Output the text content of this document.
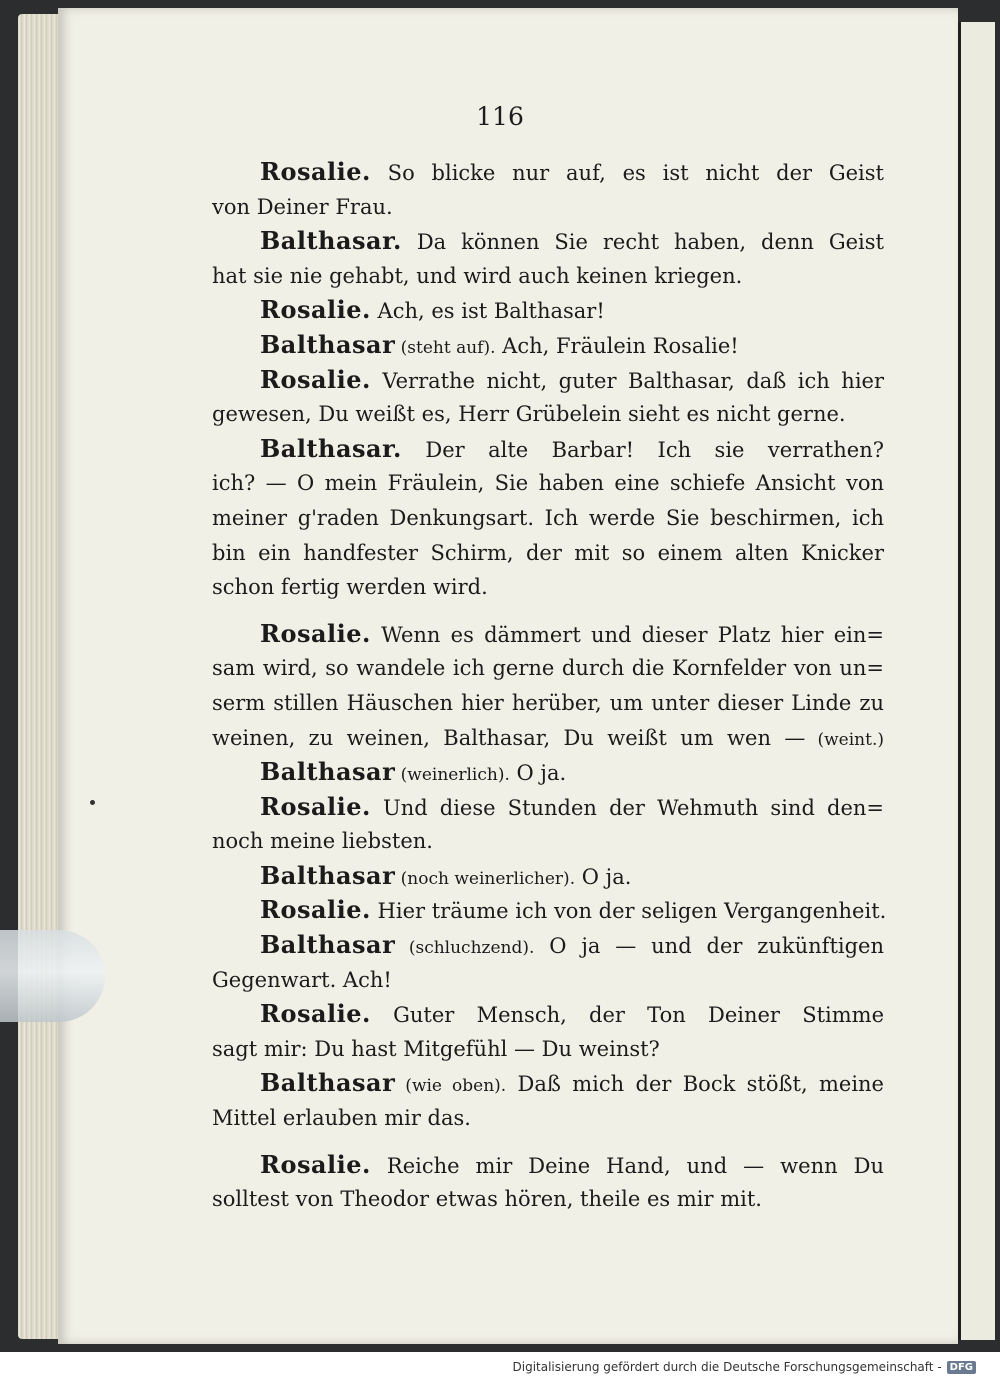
116
Rosalie. So blicke nur auf, es ist nicht der Geist
von Deiner Frau.
Balthasar. Da können Sie recht haben, denn Geist
hat sie nie gehabt, und wird auch keinen kriegen.
Rosalie. Ach, es ist Balthasar!
Balthasar (steht auf). Ach, Fräulein Rosalie!
Rosalie. Verrathe nicht, guter Balthasar, daß ich hier
gewesen, Du weißt es, Herr Grübelein sieht es nicht gerne.
Balthasar. Der alte Barbar! Ich sie verrathen?
ich? — O mein Fräulein, Sie haben eine schiefe Ansicht von
meiner g'raden Denkungsart. Ich werde Sie beschirmen, ich
bin ein handfester Schirm, der mit so einem alten Knicker
schon fertig werden wird.
Rosalie. Wenn es dämmert und dieser Platz hier ein=
sam wird, so wandele ich gerne durch die Kornfelder von un=
serm stillen Häuschen hier herüber, um unter dieser Linde zu
weinen, zu weinen, Balthasar, Du weißt um wen — (weint.)
Balthasar (weinerlich). O ja.
Rosalie. Und diese Stunden der Wehmuth sind den=
noch meine liebsten.
Balthasar (noch weinerlicher). O ja.
Rosalie. Hier träume ich von der seligen Vergangenheit.
Balthasar (schluchzend). O ja — und der zukünftigen
Gegenwart. Ach!
Rosalie. Guter Mensch, der Ton Deiner Stimme
sagt mir: Du hast Mitgefühl — Du weinst?
Balthasar (wie oben). Daß mich der Bock stößt, meine
Mittel erlauben mir das.
Rosalie. Reiche mir Deine Hand, und — wenn Du
solltest von Theodor etwas hören, theile es mir mit.
Digitalisierung gefördert durch die Deutsche Forschungsgemeinschaft - DFG
